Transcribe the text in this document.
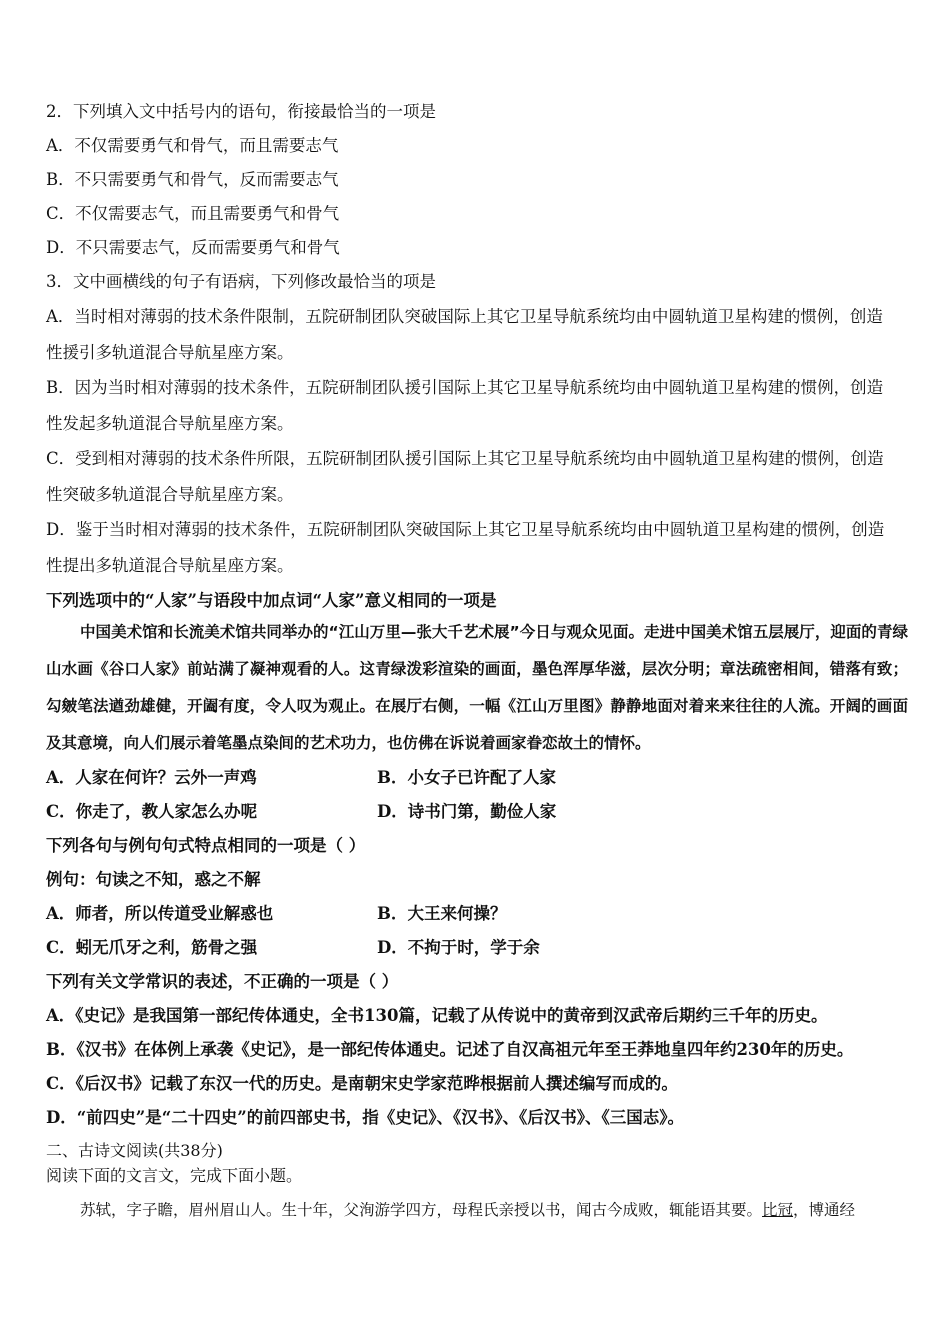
2．下列填入文中括号内的语句，衔接最恰当的一项是
A．不仅需要勇气和骨气，而且需要志气
B．不只需要勇气和骨气，反而需要志气
C．不仅需要志气，而且需要勇气和骨气
D．不只需要志气，反而需要勇气和骨气
3．文中画横线的句子有语病，下列修改最恰当的项是
A．当时相对薄弱的技术条件限制，五院研制团队突破国际上其它卫星导航系统均由中圆轨道卫星构建的惯例，创造
性援引多轨道混合导航星座方案。
B．因为当时相对薄弱的技术条件，五院研制团队援引国际上其它卫星导航系统均由中圆轨道卫星构建的惯例，创造
性发起多轨道混合导航星座方案。
C．受到相对薄弱的技术条件所限，五院研制团队援引国际上其它卫星导航系统均由中圆轨道卫星构建的惯例，创造
性突破多轨道混合导航星座方案。
D．鉴于当时相对薄弱的技术条件，五院研制团队突破国际上其它卫星导航系统均由中圆轨道卫星构建的惯例，创造
性提出多轨道混合导航星座方案。
下列选项中的“人家”与语段中加点词“人家”意义相同的一项是
中国美术馆和长流美术馆共同举办的“江山万里—张大千艺术展”今日与观众见面。走进中国美术馆五层展厅，迎面的青绿山水画《谷口人家》前站满了凝神观看的人。这青绿泼彩渲染的画面，墨色浑厚华滋，层次分明；章法疏密相间，错落有致；勾皴笔法遒劲雄健，开阖有度，令人叹为观止。在展厅右侧，一幅《江山万里图》静静地面对着来来往往的人流。开阔的画面及其意境，向人们展示着笔墨点染间的艺术功力，也仿佛在诉说着画家眷恋故土的情怀。
A．人家在何许？云外一声鸡	B．小女子已许配了人家
C．你走了，教人家怎么办呢	D．诗书门第，勤俭人家
下列各句与例句句式特点相同的一项是（ ）
例句：句读之不知，惑之不解
A．师者，所以传道受业解惑也	B．大王来何操？
C．蚓无爪牙之利，筋骨之强	D．不拘于时，学于余
下列有关文学常识的表述，不正确的一项是（ ）
A．《史记》是我国第一部纪传体通史，全书130篇，记载了从传说中的黄帝到汉武帝后期约三千年的历史。
B．《汉书》在体例上承袭《史记》，是一部纪传体通史。记述了自汉高祖元年至王莽地皇四年约230年的历史。
C．《后汉书》记载了东汉一代的历史。是南朝宋史学家范晔根据前人撰述编写而成的。
D．“前四史”是“二十四史”的前四部史书，指《史记》、《汉书》、《后汉书》、《三国志》。
二、古诗文阅读(共38分)
阅读下面的文言文，完成下面小题。
苏轼，字子瞻，眉州眉山人。生十年，父洵游学四方，母程氏亲授以书，闻古今成败，辄能语其要。比冠，博通经
